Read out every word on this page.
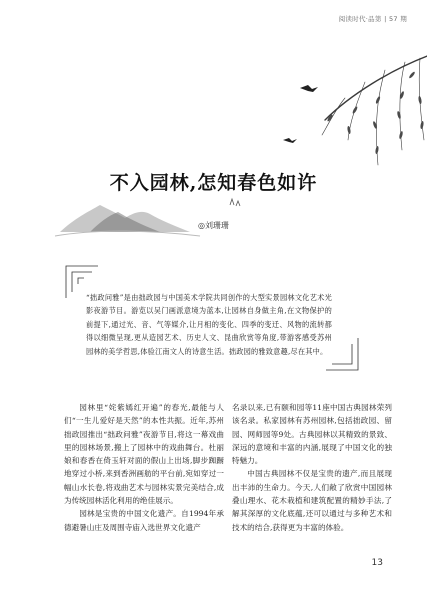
阅读时代·品第 | 57 期
不入园林,怎知春色如许
◎刘珊珊
“拙政问雅”是由拙政园与中国美术学院共同创作的大型实景园林文化艺术光影夜游节目。游览以吴门画派意境为蓝本,让园林自身做主角,在文物保护的前提下,通过光、音、气等媒介,让月相的变化、四季的变迁、风物的流转都得以细微呈现,更从造园艺术、历史人文、昆曲欣赏等角度,带游客感受苏州园林的美学哲思,体验江南文人的诗意生活。拙政园的雅致意趣,尽在其中。

园林里“姹紫嫣红开遍”的春光,最能与人们“一生儿爱好是天然”的本性共振。近年,苏州拙政园推出“拙政问雅”夜游节目,将这一幕戏曲里的园林场景,搬上了园林中的戏曲舞台。杜丽娘和春香在倚玉轩对面的假山上出场,脚步踟蹰地穿过小桥,来到香洲画舫的平台前,宛如穿过一幅山水长卷,将戏曲艺术与园林实景完美结合,成为传统园林活化利用的绝佳展示。

园林是宝贵的中国文化遗产。自1994年承德避暑山庄及周围寺庙入选世界文化遗产

名录以来,已有颐和园等11座中国古典园林荣列该名录。私家园林有苏州园林,包括拙政园、留园、网师园等9处。古典园林以其精致的景致、深远的意境和丰富的内涵,展现了中国文化的独特魅力。

中国古典园林不仅是宝贵的遗产,而且展现出丰沛的生命力。今天,人们敞了欣赏中国园林叠山理水、花木栽植和建筑配置的精妙手法,了解其深厚的文化底蕴,还可以通过与多种艺术和技术的结合,获得更为丰富的体验。

13
